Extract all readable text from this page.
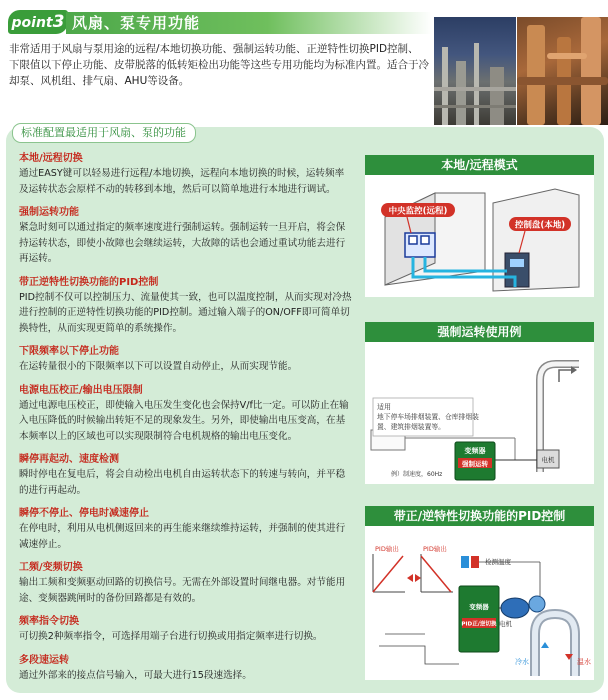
point3 风扇、泵专用功能
非常适用于风扇与泵用途的远程/本地切换功能、强制运转功能、正逆特性切换PID控制、下限值以下停止功能、皮带脱落的低转矩检出功能等这些专用功能均为标准内置。适合于冷却泵、风机组、排气扇、AHU等设备。
标准配置最适用于风扇、泵的功能
本地/远程切换
通过EASY键可以轻易进行远程/本地切换，远程向本地切换的时候，运转频率及运转状态会原样不动的转移到本地，然后可以简单地进行本地进行调试。
强制运转功能
紧急时刻可以通过指定的频率速度进行强制运转。强制运转一旦开启，将会保持运转状态，即使小故障也会继续运转，大故障的话也会通过重试功能去进行再运转。
带正逆特性切换功能的PID控制
PID控制不仅可以控制压力、流量使其一致，也可以温度控制，从而实现对冷热进行控制的正逆特性切换功能的PID控制。通过输入端子的ON/OFF即可简单切换特性，从而实现更简单的系统操作。
下限频率以下停止功能
在运转量很小的下限频率以下可以设置自动停止，从而实现节能。
电源电压校正/输出电压限制
通过电源电压校正，即使输入电压发生变化也会保持V/f比一定。可以防止在输入电压降低的时候输出转矩不足的现象发生。另外，即使输出电压变高，在基本频率以上的区域也可以实现限制符合电机规格的输出电压变化。
瞬停再起动、速度检测
瞬时停电在复电后，将会自动检出电机自由运转状态下的转速与转向，并平稳的进行再起动。
瞬停不停止、停电时减速停止
在停电时，利用从电机侧返回来的再生能来继续维持运转，并强制的使其进行减速停止。
工频/变频切换
输出工频和变频驱动回路的切换信号。无需在外部设置时间继电器。对节能用途、变频器跳闸时的备份回路都是有效的。
频率指令切换
可切换2种频率指令，可选择用端子台进行切换或用指定频率进行切换。
多段速运转
通过外部来的接点信号输入，可最大进行15段速选择。
本地/远程模式
中央监控(远程)
控制盘(本地)
强制运转使用例
适用
地下停车场排烟装置、仓库排烟装
置、建筑排烟装置等。
变频器
强制运转
例）制速度，60Hz
电机
带正/逆特性切换功能的PID控制
PID输出	PID输出
检测温度
变频器
PID正/逆切换 电机
冷水	温水
